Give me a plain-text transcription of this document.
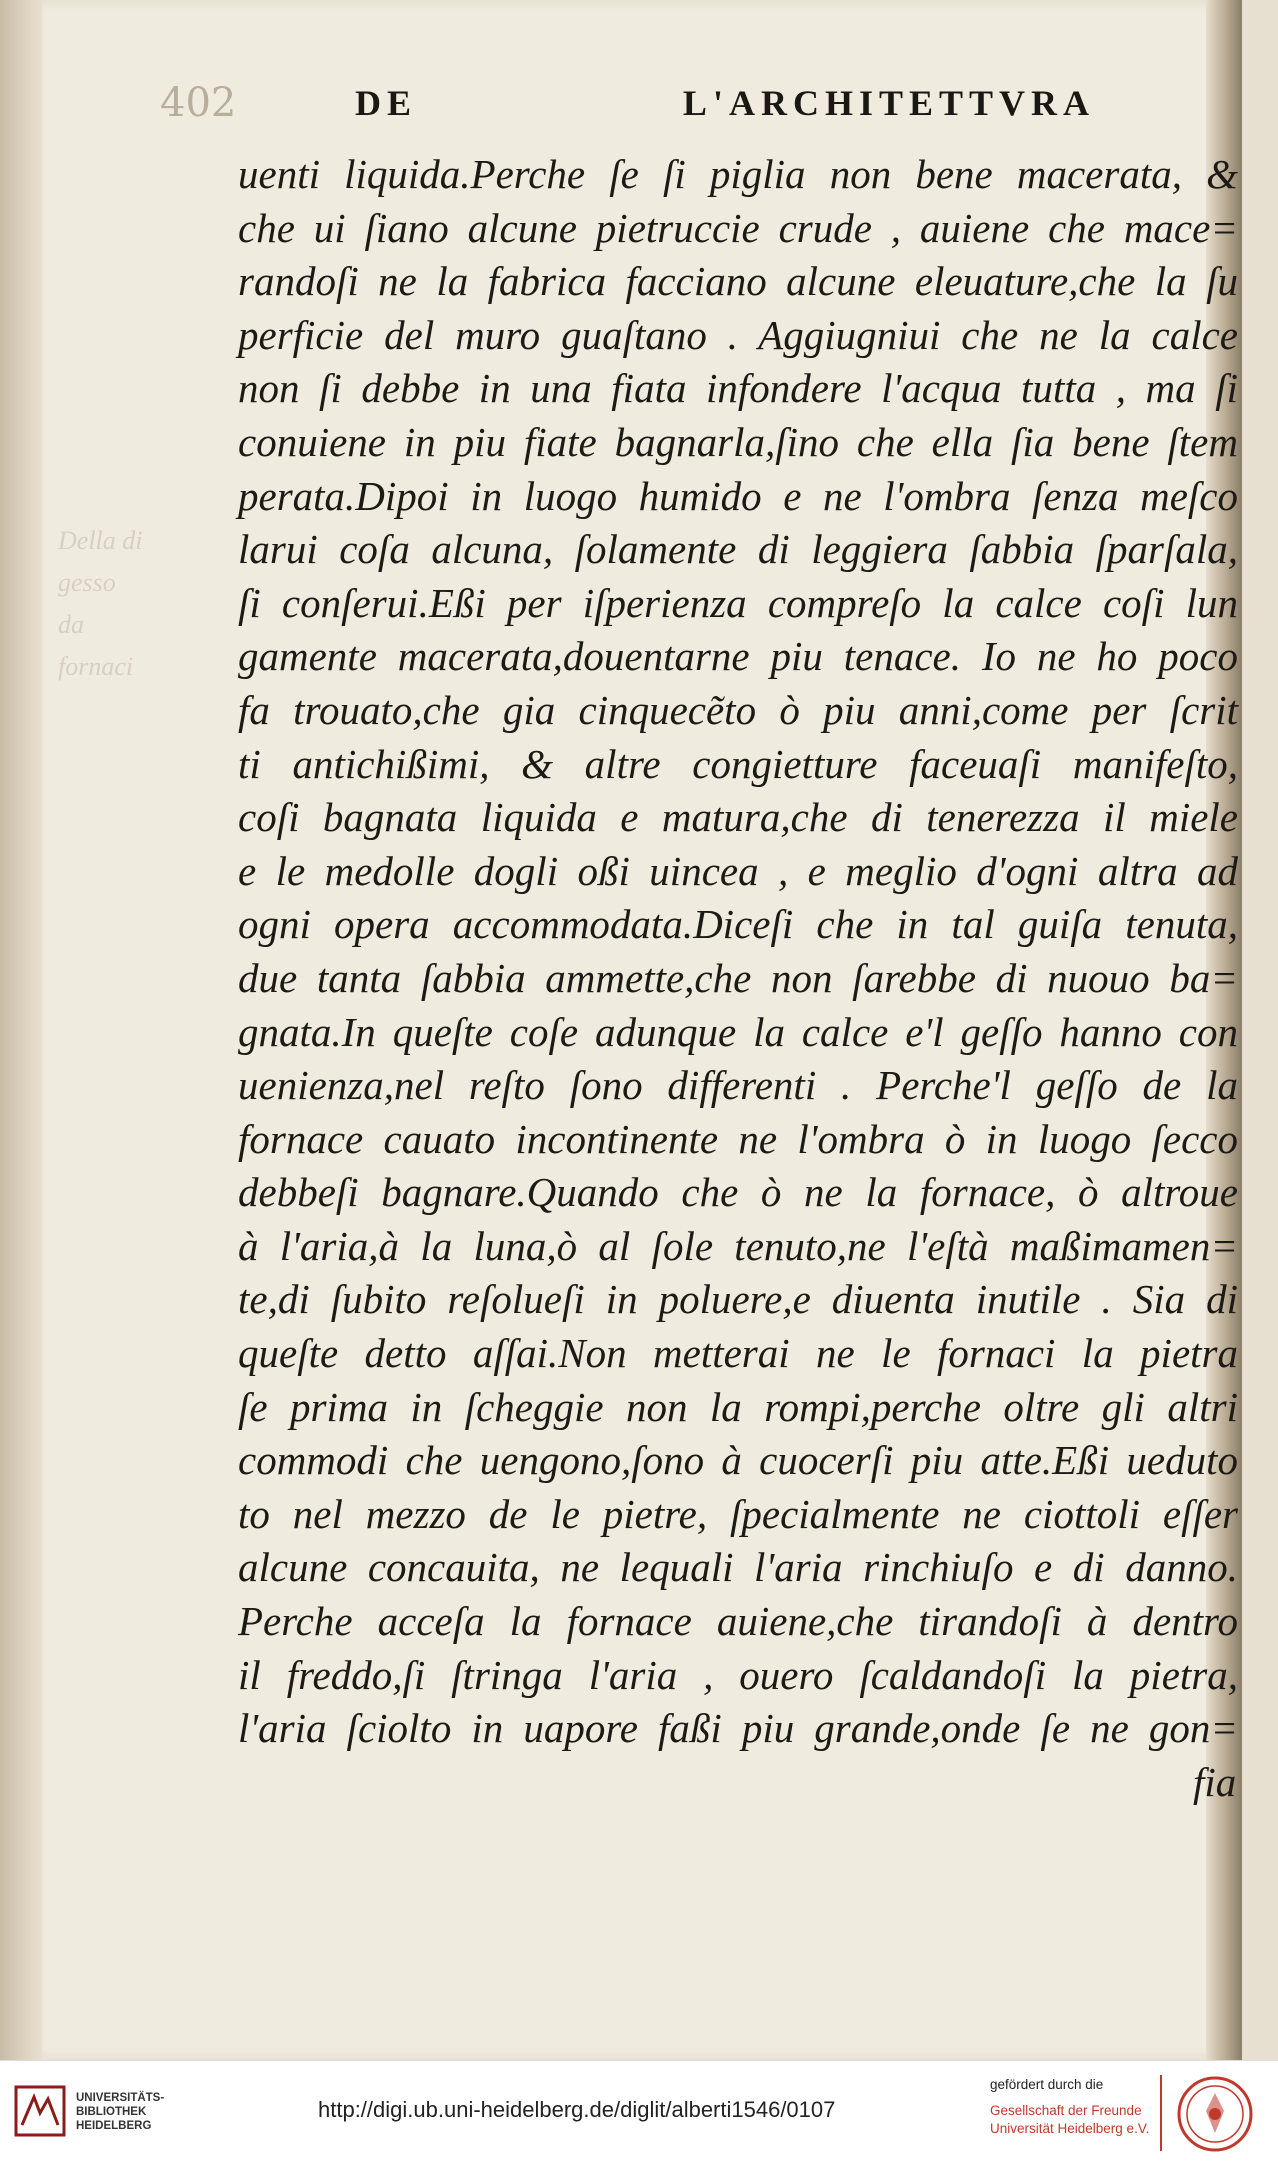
402	DE L'ARCHITETTVRA
Della di
gesso
da
fornaci
uenti liquida.Perche ſe ſi piglia non bene macerata, &
che ui ſiano alcune pietruccie crude , auiene che mace=
randoſi ne la fabrica facciano alcune eleuature,che la ſu
perficie del muro guaſtano . Aggiugniui che ne la calce
non ſi debbe in una fiata infondere l'acqua tutta , ma ſi
conuiene in piu fiate bagnarla,ſino che ella ſia bene ſtem
perata.Dipoi in luogo humido e ne l'ombra ſenza meſco
larui coſa alcuna, ſolamente di leggiera ſabbia ſparſala,
ſi conſerui.Eßi per iſperienza compreſo la calce coſi lun
gamente macerata,douentarne piu tenace. Io ne ho poco
fa trouato,che gia cinquecẽto ò piu anni,come per ſcrit
ti antichißimi, & altre congietture faceuaſi manifeſto,
coſi bagnata liquida e matura,che di tenerezza il miele
e le medolle dogli oßi uincea , e meglio d'ogni altra ad
ogni opera accommodata.Diceſi che in tal guiſa tenuta,
due tanta ſabbia ammette,che non ſarebbe di nuouo ba=
gnata.In queſte coſe adunque la calce e'l geſſo hanno con
uenienza,nel reſto ſono differenti . Perche'l geſſo de la
fornace cauato incontinente ne l'ombra ò in luogo ſecco
debbeſi bagnare.Quando che ò ne la fornace, ò altroue
à l'aria,à la luna,ò al ſole tenuto,ne l'eſtà maßimamen=
te,di ſubito reſolueſi in poluere,e diuenta inutile . Sia di
queſte detto aſſai.Non metterai ne le fornaci la pietra
ſe prima in ſcheggie non la rompi,perche oltre gli altri
commodi che uengono,ſono à cuocerſi piu atte.Eßi ueduto
to nel mezzo de le pietre, ſpecialmente ne ciottoli eſſer
alcune concauita, ne lequali l'aria rinchiuſo e di danno.
Perche acceſa la fornace auiene,che tirandoſi à dentro
il freddo,ſi ſtringa l'aria , ouero ſcaldandoſi la pietra,
l'aria ſciolto in uapore faßi piu grande,onde ſe ne gon=
fia
UNIVERSITÄTS-
BIBLIOTHEK
HEIDELBERG
http://digi.ub.uni-heidelberg.de/diglit/alberti1546/0107
gefördert durch die
Gesellschaft der Freunde
Universität Heidelberg e.V.
